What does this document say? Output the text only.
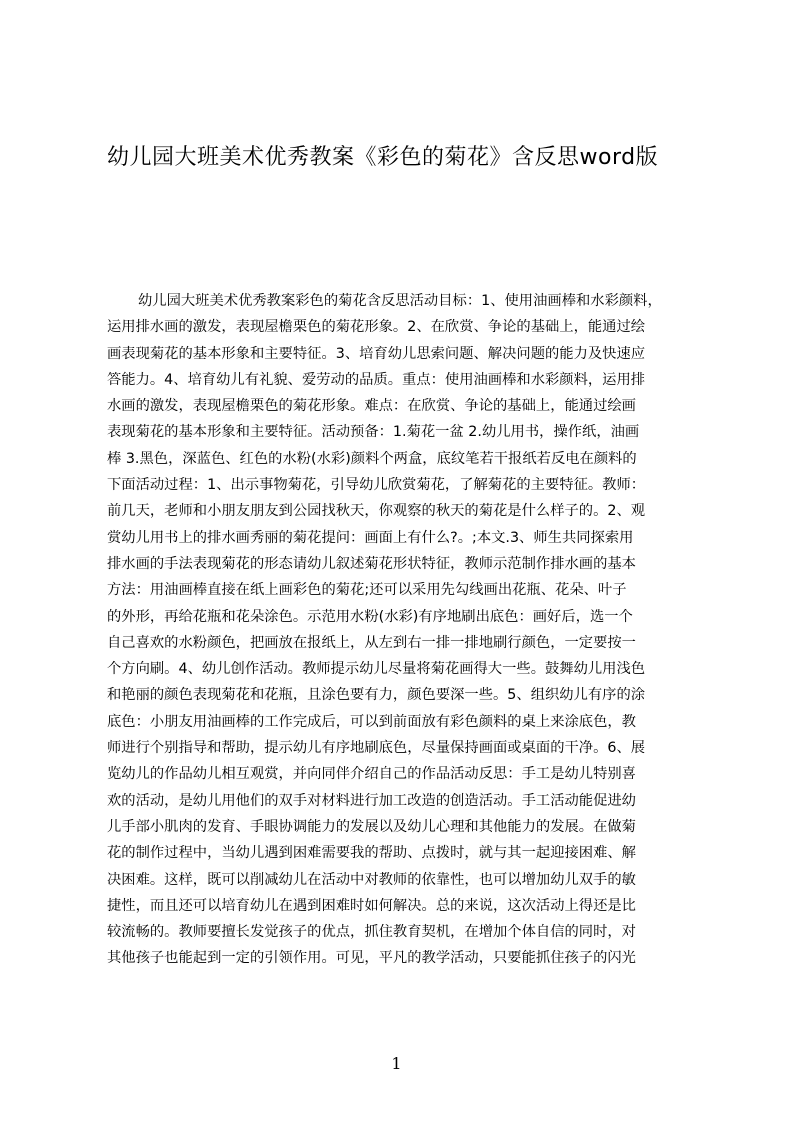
幼儿园大班美术优秀教案《彩色的菊花》含反思word版
幼儿园大班美术优秀教案彩色的菊花含反思活动目标：1、使用油画棒和水彩颜料，
运用排水画的激发，表现屋檐栗色的菊花形象。2、在欣赏、争论的基础上，能通过绘
画表现菊花的基本形象和主要特征。3、培育幼儿思索问题、解决问题的能力及快速应
答能力。4、培育幼儿有礼貌、爱劳动的品质。重点：使用油画棒和水彩颜料，运用排
水画的激发，表现屋檐栗色的菊花形象。难点：在欣赏、争论的基础上，能通过绘画
表现菊花的基本形象和主要特征。活动预备：1.菊花一盆 2.幼儿用书，操作纸，油画
棒 3.黑色，深蓝色、红色的水粉(水彩)颜料个两盒，底纹笔若干报纸若反电在颜料的
下面活动过程：1、出示事物菊花，引导幼儿欣赏菊花，了解菊花的主要特征。教师：
前几天，老师和小朋友朋友到公园找秋天，你观察的秋天的菊花是什么样子的。2、观
赏幼儿用书上的排水画秀丽的菊花提问：画面上有什么?。;本文.3、师生共同探索用
排水画的手法表现菊花的形态请幼儿叙述菊花形状特征，教师示范制作排水画的基本
方法：用油画棒直接在纸上画彩色的菊花;还可以采用先勾线画出花瓶、花朵、叶子
的外形，再给花瓶和花朵涂色。示范用水粉(水彩)有序地刷出底色：画好后，选一个
自己喜欢的水粉颜色，把画放在报纸上，从左到右一排一排地刷行颜色，一定要按一
个方向刷。4、幼儿创作活动。教师提示幼儿尽量将菊花画得大一些。鼓舞幼儿用浅色
和艳丽的颜色表现菊花和花瓶，且涂色要有力，颜色要深一些。5、组织幼儿有序的涂
底色：小朋友用油画棒的工作完成后，可以到前面放有彩色颜料的桌上来涂底色，教
师进行个别指导和帮助，提示幼儿有序地刷底色，尽量保持画面或桌面的干净。6、展
览幼儿的作品幼儿相互观赏，并向同伴介绍自己的作品活动反思：手工是幼儿特别喜
欢的活动，是幼儿用他们的双手对材料进行加工改造的创造活动。手工活动能促进幼
儿手部小肌肉的发育、手眼协调能力的发展以及幼儿心理和其他能力的发展。在做菊
花的制作过程中，当幼儿遇到困难需要我的帮助、点拨时，就与其一起迎接困难、解
决困难。这样，既可以削减幼儿在活动中对教师的依靠性，也可以增加幼儿双手的敏
捷性，而且还可以培育幼儿在遇到困难时如何解决。总的来说，这次活动上得还是比
较流畅的。教师要擅长发觉孩子的优点，抓住教育契机，在增加个体自信的同时，对
其他孩子也能起到一定的引领作用。可见，平凡的教学活动，只要能抓住孩子的闪光
1
